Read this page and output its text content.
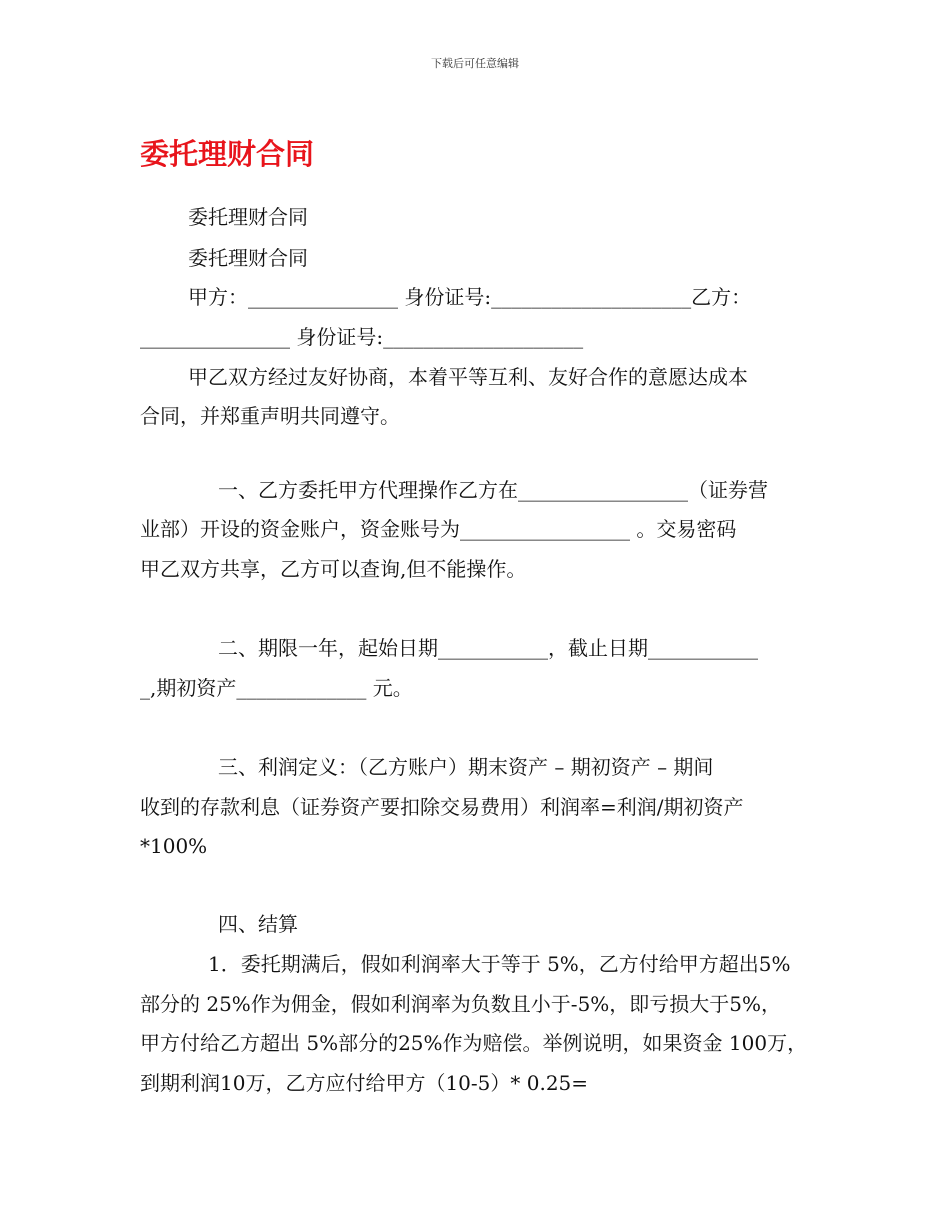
下载后可任意编辑
委托理财合同
委托理财合同
委托理财合同
甲方：_______________ 身份证号:____________________乙方：
_______________ 身份证号:____________________
甲乙双方经过友好协商，本着平等互利、友好合作的意愿达成本
合同，并郑重声明共同遵守。
一、乙方委托甲方代理操作乙方在_________________（证券营
业部）开设的资金账户，资金账号为_________________ 。交易密码
甲乙双方共享，乙方可以查询,但不能操作。
二、期限一年，起始日期___________，截止日期___________
_,期初资产_____________ 元。
三、利润定义：（乙方账户）期末资产 – 期初资产 – 期间
收到的存款利息（证券资产要扣除交易费用）利润率=利润/期初资产
*100%
四、结算
1．委托期满后，假如利润率大于等于 5%，乙方付给甲方超出5%
部分的 25%作为佣金，假如利润率为负数且小于-5%，即亏损大于5%，
甲方付给乙方超出 5%部分的25%作为赔偿。举例说明，如果资金 100万，
到期利润10万，乙方应付给甲方（10-5）* 0.25=
